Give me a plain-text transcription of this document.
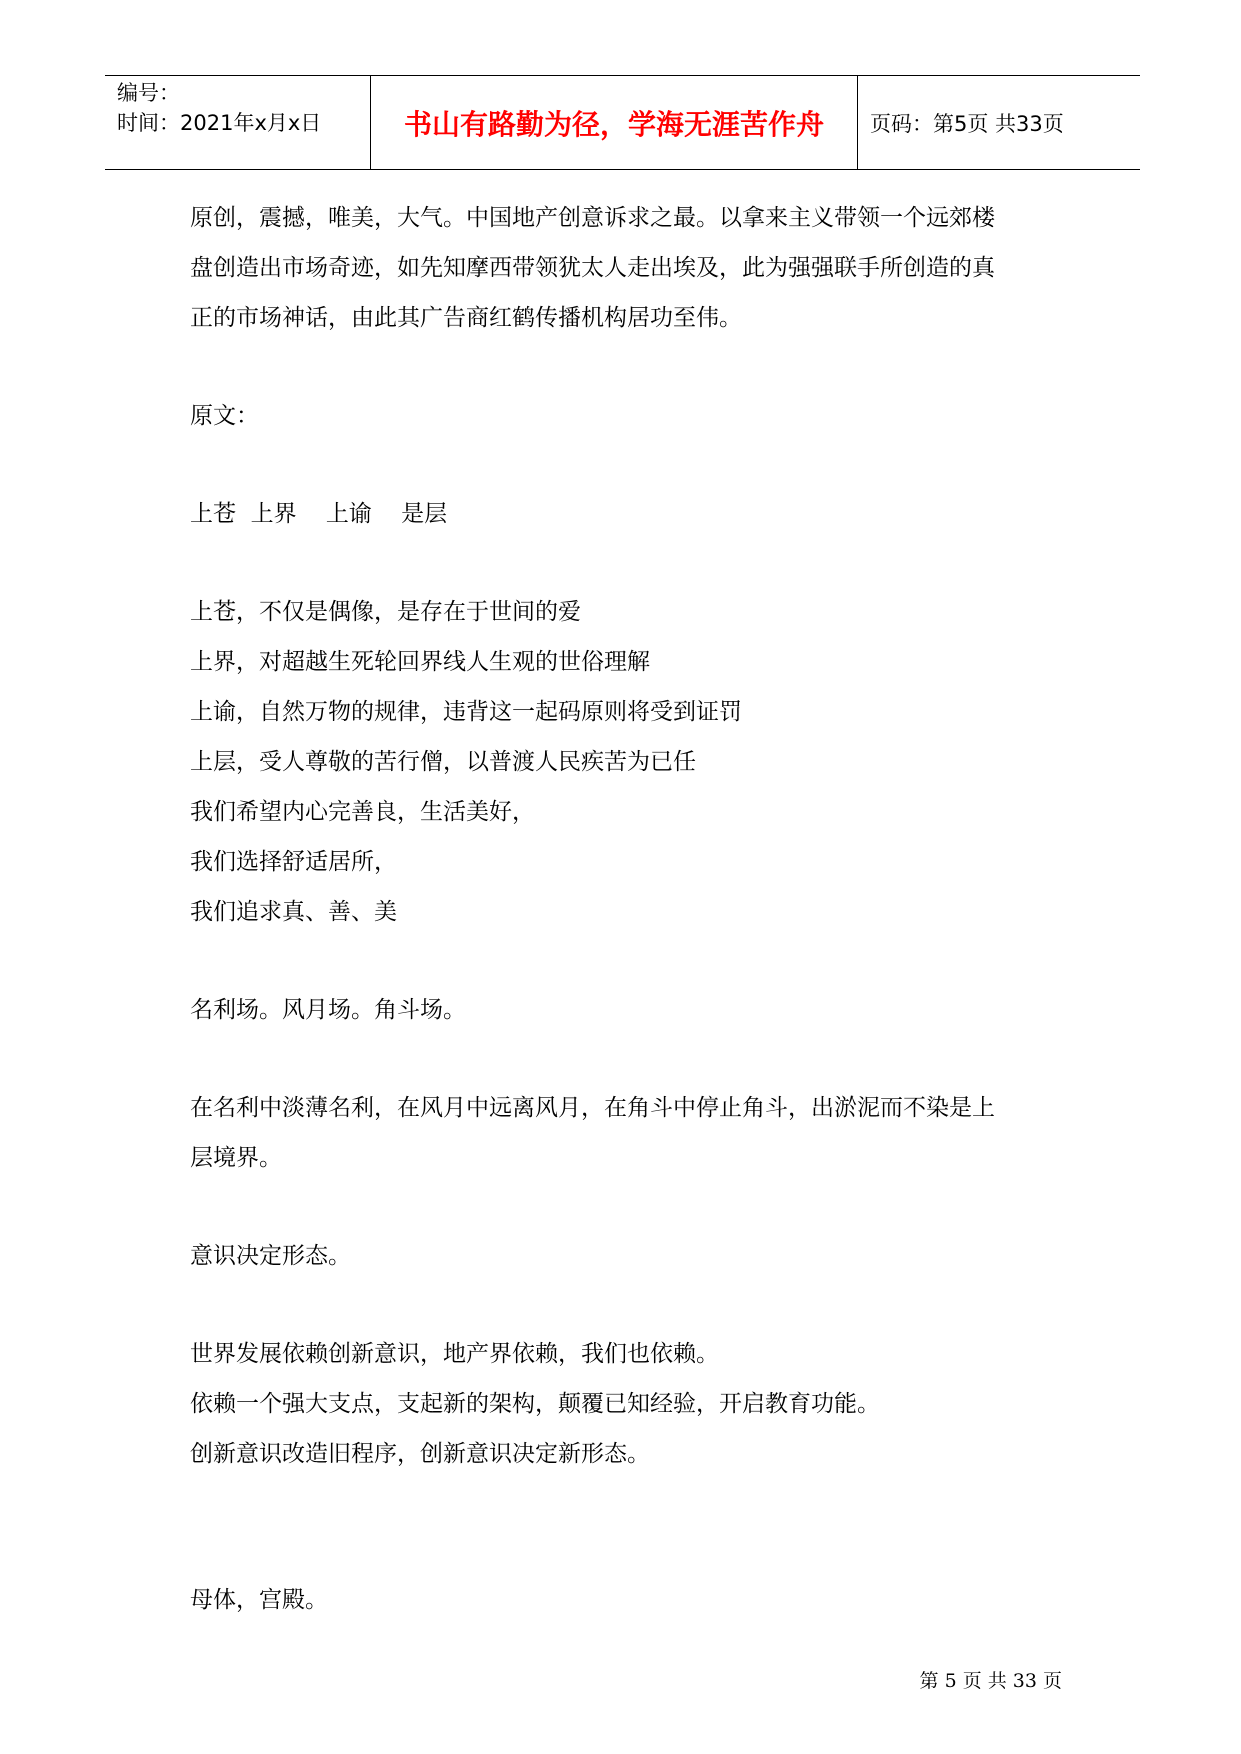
编号：
时间：2021年x月x日	书山有路勤为径，学海无涯苦作舟 页码：第5页 共33页

原创，震撼，唯美，大气。中国地产创意诉求之最。以拿来主义带领一个远郊楼

盘创造出市场奇迹，如先知摩西带领犹太人走出埃及，此为强强联手所创造的真

正的市场神话，由此其广告商红鹤传播机构居功至伟。

原文：

上苍  上界    上谕    是层

上苍，不仅是偶像，是存在于世间的爱

上界，对超越生死轮回界线人生观的世俗理解

上谕，自然万物的规律，违背这一起码原则将受到证罚

上层，受人尊敬的苦行僧，以普渡人民疾苦为已任

我们希望内心完善良，生活美好，

我们选择舒适居所，

我们追求真、善、美

名利场。风月场。角斗场。

在名利中淡薄名利，在风月中远离风月，在角斗中停止角斗，出淤泥而不染是上

层境界。

意识决定形态。

世界发展依赖创新意识，地产界依赖，我们也依赖。

依赖一个强大支点，支起新的架构，颠覆已知经验，开启教育功能。

创新意识改造旧程序，创新意识决定新形态。

母体，宫殿。

第 5 页 共 33 页
